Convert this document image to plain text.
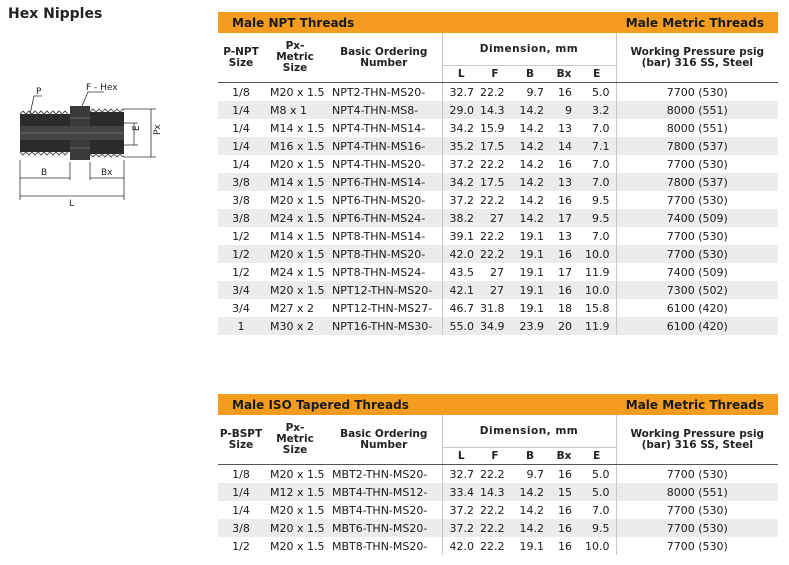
Hex Nipples
P	F - Hex
E Px
B	Bx
L
Male NPT Threads	Male Metric Threads
P-NPT Size	Px- Metric Size	Basic Ordering Number	Dimension, mm					Working Pressure psig (bar) 316 SS, Steel
			L	F	B	Bx	E	
1/8	M20 x 1.5	NPT2-THN-MS20-	32.7	22.2	9.7	16	5.0	7700 (530)
1/4	M8 x 1	NPT4-THN-MS8-	29.0	14.3	14.2	9	3.2	8000 (551)
1/4	M14 x 1.5	NPT4-THN-MS14-	34.2	15.9	14.2	13	7.0	8000 (551)
1/4	M16 x 1.5	NPT4-THN-MS16-	35.2	17.5	14.2	14	7.1	7800 (537)
1/4	M20 x 1.5	NPT4-THN-MS20-	37.2	22.2	14.2	16	7.0	7700 (530)
3/8	M14 x 1.5	NPT6-THN-MS14-	34.2	17.5	14.2	13	7.0	7800 (537)
3/8	M20 x 1.5	NPT6-THN-MS20-	37.2	22.2	14.2	16	9.5	7700 (530)
3/8	M24 x 1.5	NPT6-THN-MS24-	38.2	27	14.2	17	9.5	7400 (509)
1/2	M14 x 1.5	NPT8-THN-MS14-	39.1	22.2	19.1	13	7.0	7700 (530)
1/2	M20 x 1.5	NPT8-THN-MS20-	42.0	22.2	19.1	16	10.0	7700 (530)
1/2	M24 x 1.5	NPT8-THN-MS24-	43.5	27	19.1	17	11.9	7400 (509)
3/4	M20 x 1.5	NPT12-THN-MS20-	42.1	27	19.1	16	10.0	7300 (502)
3/4	M27 x 2	NPT12-THN-MS27-	46.7	31.8	19.1	18	15.8	6100 (420)
1	M30 x 2	NPT16-THN-MS30-	55.0	34.9	23.9	20	11.9	6100 (420)
Male ISO Tapered Threads	Male Metric Threads
P-BSPT Size	Px- Metric Size	Basic Ordering Number	Dimension, mm					Working Pressure psig (bar) 316 SS, Steel
			L	F	B	Bx	E	
1/8	M20 x 1.5	MBT2-THN-MS20-	32.7	22.2	9.7	16	5.0	7700 (530)
1/4	M12 x 1.5	MBT4-THN-MS12-	33.4	14.3	14.2	15	5.0	8000 (551)
1/4	M20 x 1.5	MBT4-THN-MS20-	37.2	22.2	14.2	16	7.0	7700 (530)
3/8	M20 x 1.5	MBT6-THN-MS20-	37.2	22.2	14.2	16	9.5	7700 (530)
1/2	M20 x 1.5	MBT8-THN-MS20-	42.0	22.2	19.1	16	10.0	7700 (530)
